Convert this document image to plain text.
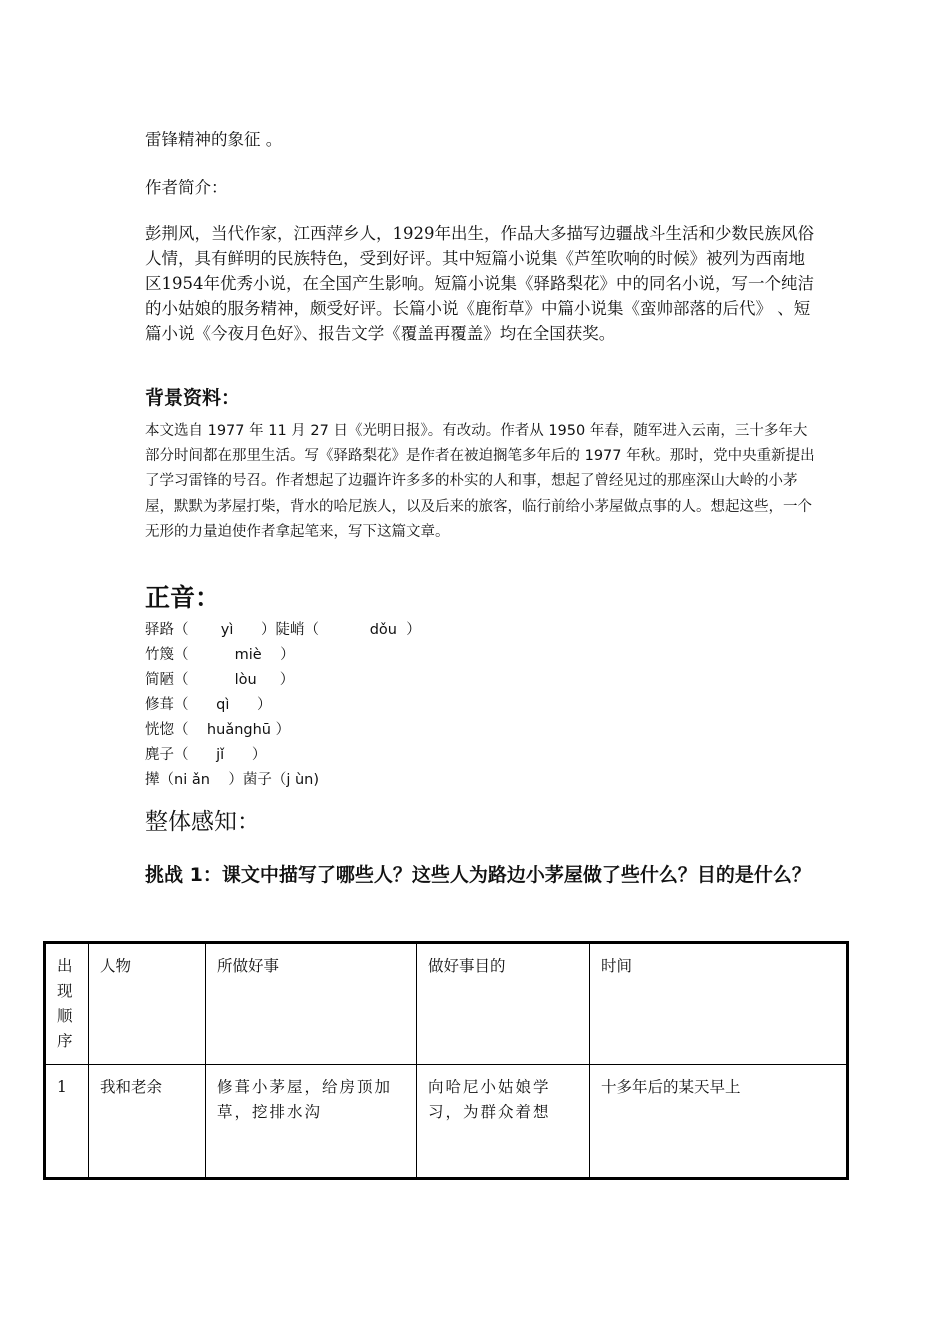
雷锋精神的象征 。
作者简介：
彭荆风，当代作家，江西萍乡人，1929年出生，作品大多描写边疆战斗生活和少数民族风俗人情，具有鲜明的民族特色，受到好评。其中短篇小说集《芦笙吹响的时候》被列为西南地区1954年优秀小说，在全国产生影响。短篇小说集《驿路梨花》中的同名小说，写一个纯洁的小姑娘的服务精神，颇受好评。长篇小说《鹿衔草》中篇小说集《蛮帅部落的后代》 、短篇小说《今夜月色好》、报告文学《覆盖再覆盖》均在全国获奖。
背景资料：
本文选自 1977 年 11 月 27 日《光明日报》。有改动。作者从 1950 年春，随军进入云南，三十多年大部分时间都在那里生活。写《驿路梨花》是作者在被迫搁笔多年后的 1977 年秋。那时，党中央重新提出了学习雷锋的号召。作者想起了边疆许许多多的朴实的人和事，想起了曾经见过的那座深山大岭的小茅屋，默默为茅屋打柴，背水的哈尼族人，以及后来的旅客，临行前给小茅屋做点事的人。想起这些，一个无形的力量迫使作者拿起笔来，写下这篇文章。
正音：
驿路（       yì      ）陡峭（           dǒu  ）
竹篾（          miè    ）
简陋（          lòu     ）
修葺（      qì      ）
恍惚（    huǎnghū ）
麂子（      jǐ      ）
撵（ni ǎn    ）菌子（j ùn)
整体感知：
挑战 1：课文中描写了哪些人？这些人为路边小茅屋做了些什么？目的是什么？
出现顺序	人物	所做好事	做好事目的	时间
1	我和老余	修葺小茅屋，给房顶加草，挖排水沟	向哈尼小姑娘学习，为群众着想	十多年后的某天早上
